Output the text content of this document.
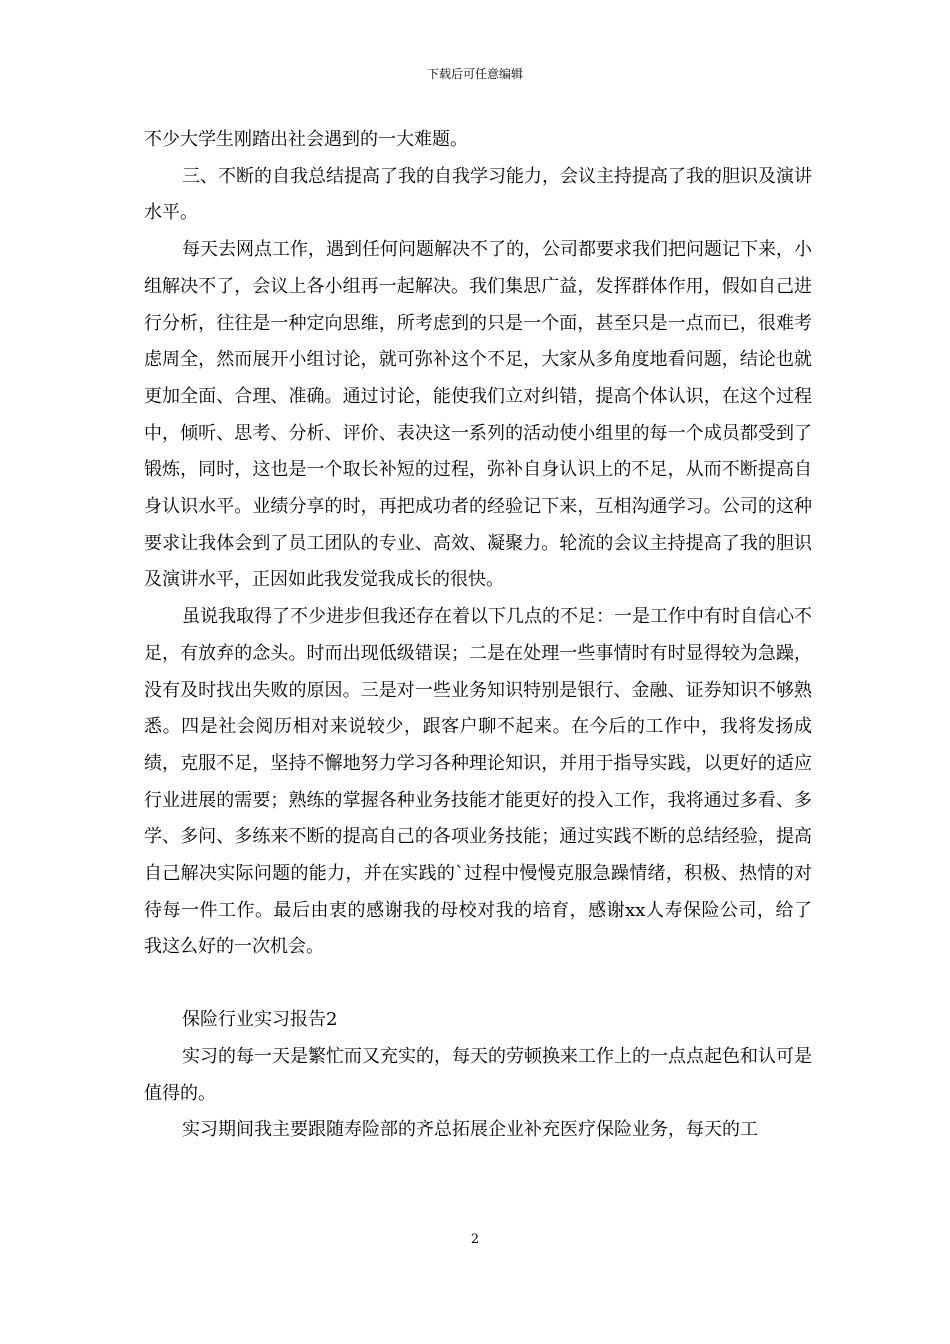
下载后可任意编辑

不少大学生刚踏出社会遇到的一大难题。

三、不断的自我总结提高了我的自我学习能力，会议主持提高了我的胆识及演讲水平。

每天去网点工作，遇到任何问题解决不了的，公司都要求我们把问题记下来，小组解决不了，会议上各小组再一起解决。我们集思广益，发挥群体作用，假如自己进行分析，往往是一种定向思维，所考虑到的只是一个面，甚至只是一点而已，很难考虑周全，然而展开小组讨论，就可弥补这个不足，大家从多角度地看问题，结论也就更加全面、合理、准确。通过讨论，能使我们立对纠错，提高个体认识，在这个过程中，倾听、思考、分析、评价、表决这一系列的活动使小组里的每一个成员都受到了锻炼，同时，这也是一个取长补短的过程，弥补自身认识上的不足，从而不断提高自身认识水平。业绩分享的时，再把成功者的经验记下来，互相沟通学习。公司的这种要求让我体会到了员工团队的专业、高效、凝聚力。轮流的会议主持提高了我的胆识及演讲水平，正因如此我发觉我成长的很快。

虽说我取得了不少进步但我还存在着以下几点的不足：一是工作中有时自信心不足，有放弃的念头。时而出现低级错误；二是在处理一些事情时有时显得较为急躁，没有及时找出失败的原因。三是对一些业务知识特别是银行、金融、证券知识不够熟悉。四是社会阅历相对来说较少，跟客户聊不起来。在今后的工作中，我将发扬成绩，克服不足，坚持不懈地努力学习各种理论知识，并用于指导实践，以更好的适应行业进展的需要；熟练的掌握各种业务技能才能更好的投入工作，我将通过多看、多学、多问、多练来不断的提高自己的各项业务技能；通过实践不断的总结经验，提高自己解决实际问题的能力，并在实践的`过程中慢慢克服急躁情绪，积极、热情的对待每一件工作。最后由衷的感谢我的母校对我的培育，感谢xx人寿保险公司，给了我这么好的一次机会。

保险行业实习报告2

实习的每一天是繁忙而又充实的，每天的劳顿换来工作上的一点点起色和认可是值得的。

实习期间我主要跟随寿险部的齐总拓展企业补充医疗保险业务，每天的工

2
